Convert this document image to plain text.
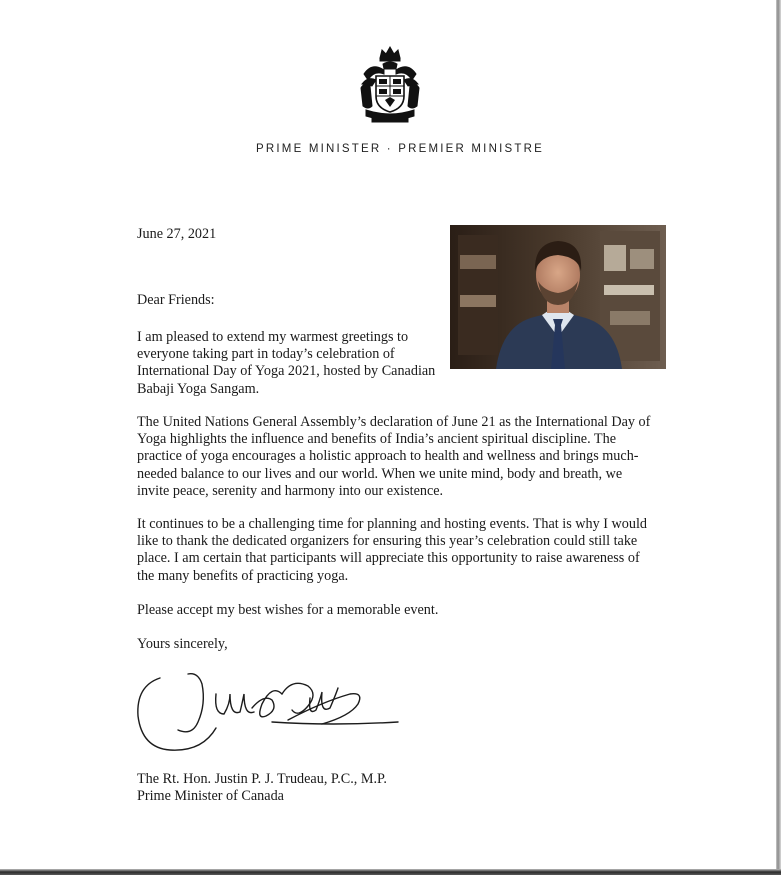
PRIME MINISTER · PREMIER MINISTRE
June 27, 2021
Dear Friends:

I am pleased to extend my warmest greetings to everyone taking part in today’s celebration of International Day of Yoga 2021, hosted by Canadian Babaji Yoga Sangam.

The United Nations General Assembly’s declaration of June 21 as the International Day of Yoga highlights the influence and benefits of India’s ancient spiritual discipline. The practice of yoga encourages a holistic approach to health and wellness and brings much-needed balance to our lives and our world. When we unite mind, body and breath, we invite peace, serenity and harmony into our existence.

It continues to be a challenging time for planning and hosting events. That is why I would like to thank the dedicated organizers for ensuring this year’s celebration could still take place. I am certain that participants will appreciate this opportunity to raise awareness of the many benefits of practicing yoga.

Please accept my best wishes for a memorable event.

Yours sincerely,
The Rt. Hon. Justin P. J. Trudeau, P.C., M.P.
Prime Minister of Canada
